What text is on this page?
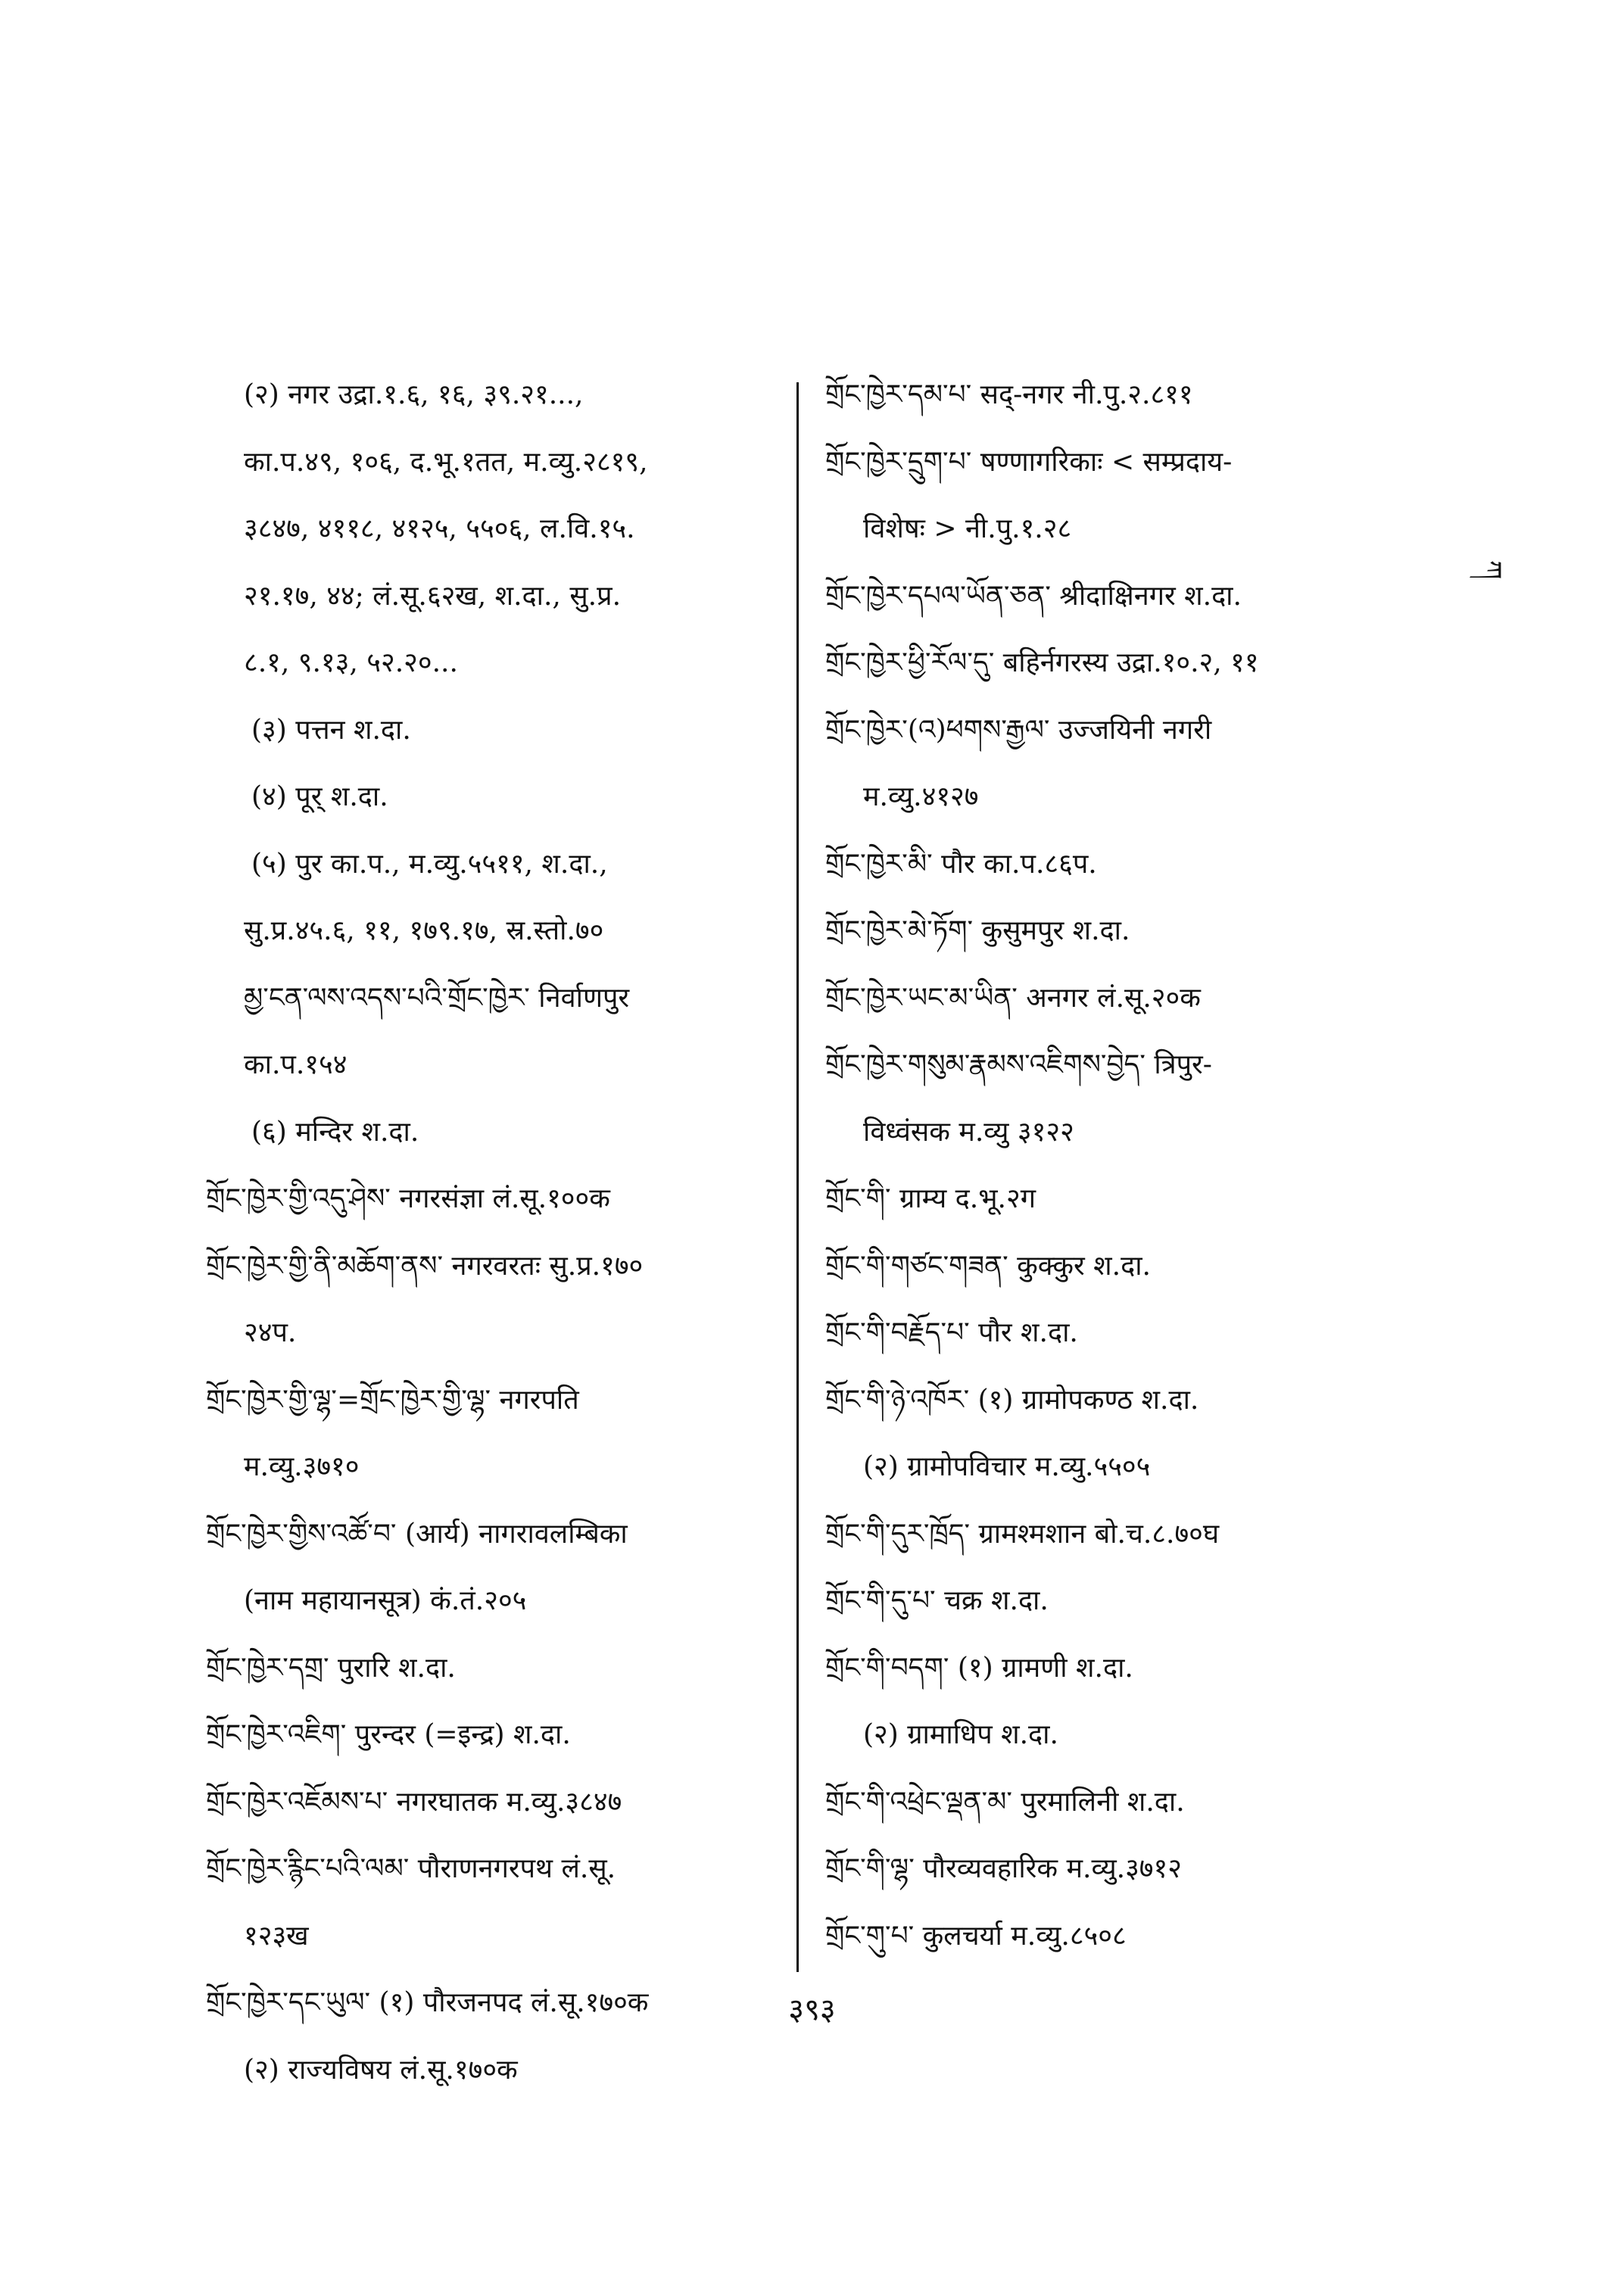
(२) नगर उद्रा.१.६, १६, ३९.२१...,
का.प.४९, १०६, द.भू.१तत, म.व्यु.२८१९,
३८४७, ४११८, ४१२५, ५५०६, ल.वि.१५.
२१.१७, ४४; लं.सू.६२ख, श.दा., सु.प्र.
८.१, ९.१३, ५२.२०...
(३) पत्तन श.दा.
(४) पूर् श.दा.
(५) पुर का.प., म.व्यु.५५११, श.दा.,
सु.प्र.४५.६, ११, १७९.१७, स्र.स्तो.७०
མྱ་ངན་ལས་འདས་པའི་གྲོང་ཁྱེར་ निर्वाणपुर
का.प.१५४
(६) मन्दिर श.दा.
གྲོང་ཁྱེར་གྱི་འདུ་ཤེས་ नगरसंज्ञा लं.सू.१००क
གྲོང་ཁྱེར་གྱི་ནི་མཆོག་ནས་ नगरवरतः सु.प्र.१७०
२४प.
གྲོང་ཁྱེར་གྱི་ལྷ་=གྲོང་ཁྱེར་གྱི་ལྷ་ नगरपति
म.व्यु.३७१०
གྲོང་ཁྱེར་གྱིས་འཚོ་བ་ (आर्य) नागरावलम्बिका
(नाम महायानसूत्र) कं.तं.२०५
གྲོང་ཁྱེར་དགྲ་ पुरारि श.दा.
གྲོང་ཁྱེར་འཇིག་ पुरन्दर (=इन्द्र) श.दा.
གྲོང་ཁྱེར་འཇོམས་པ་ नगरघातक म.व्यु.३८४७
གྲོང་ཁྱེར་རྙིང་པའི་ལམ་ पौराणनगरपथ लं.सू.
१२३ख
གྲོང་ཁྱེར་དང་ཡུལ་ (१) पौरजनपद लं.सू.१७०क
(२) राज्यविषय लं.सू.१७०क
གྲོང་ཁྱེར་དམ་པ་ सद्-नगर नी.पु.२.८११
གྲོང་ཁྱེར་དྲུག་པ་ षण्णागरिकाः < सम्प्रदाय-
विशेषः > नी.पु.१.२८
གྲོང་ཁྱེར་དཔལ་ཡོན་ཅན་ श्रीदाक्षिनगर श.दा.
གྲོང་ཁྱེར་ཕྱི་རོལ་དུ་ बहिर्नगरस्य उद्रा.१०.२, ११
གྲོང་ཁྱེར་(འ)ཕགས་རྒྱལ་ उज्जयिनी नगरी
म.व्यु.४१२७
གྲོང་ཁྱེར་མི་ पौर का.प.८६प.
གྲོང་ཁྱེར་མེ་ཏོག་ कुसुमपुर श.दा.
གྲོང་ཁྱེར་ཡང་མ་ཡིན་ अनगर लं.सू.२०क
གྲོང་ཁྱེར་གསུམ་རྣམས་འཇིགས་བྱེད་ त्रिपुर-
विध्वंसक म.व्यु ३१२२
གྲོང་གི་ ग्राम्य द.भू.२ग
གྲོང་གི་གཙང་གཟན་ कुक्कुर श.दा.
གྲོང་གི་བརྗོད་པ་ पौर श.दा.
གྲོང་གི་ཉེ་འཁོར་ (१) ग्रामोपकण्ठ श.दा.
(२) ग्रामोपविचार म.व्यु.५५०५
གྲོང་གི་དུར་ཁྲོད་ ग्रामश्मशान बो.च.८.७०घ
གྲོང་གི་དུ་པ་ चक्र श.दा.
གྲོང་གི་བདག་ (१) ग्रामणी श.दा.
(२) ग्रामाधिप श.दा.
གྲོང་གི་འཕྲེང་ལྡན་མ་ पुरमालिनी श.दा.
གྲོང་གི་ལྷ་ पौरव्यवहारिक म.व्यु.३७१२
གྲོང་གུ་པ་ कुलचर्या म.व्यु.८५०८
ཀ
३९३
